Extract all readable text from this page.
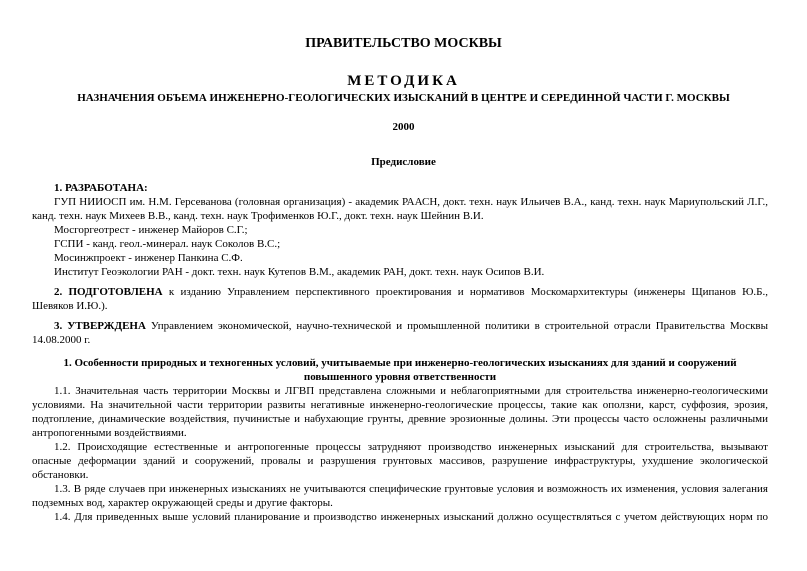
ПРАВИТЕЛЬСТВО МОСКВЫ
МЕТОДИКА
НАЗНАЧЕНИЯ ОБЪЕМА ИНЖЕНЕРНО-ГЕОЛОГИЧЕСКИХ ИЗЫСКАНИЙ В ЦЕНТРЕ И СЕРЕДИННОЙ ЧАСТИ Г. МОСКВЫ
2000
Предисловие
1. РАЗРАБОТАНА:
ГУП НИИОСП им. Н.М. Герсеванова (головная организация) - академик РААСН, докт. техн. наук Ильичев В.А., канд. техн. наук Мариупольский Л.Г.,
канд. техн. наук Михеев В.В., канд. техн. наук Трофименков Ю.Г., докт. техн. наук Шейнин В.И.
Мосгоргеотрест - инженер Майоров С.Г.;
ГСПИ - канд. геол.-минерал. наук Соколов В.С.;
Мосинжпроект - инженер Панкина С.Ф.
Институт Геоэкологии РАН - докт. техн. наук Кутепов В.М., академик РАН, докт. техн. наук Осипов В.И.
2. ПОДГОТОВЛЕНА к изданию Управлением перспективного проектирования и нормативов Москомархитектуры (инженеры Щипанов Ю.Б.,
Шевяков И.Ю.).
3. УТВЕРЖДЕНА Управлением экономической, научно-технической и промышленной политики в строительной отрасли Правительства Москвы
14.08.2000 г.
1. Особенности природных и техногенных условий, учитываемые при инженерно-геологических изысканиях для зданий и сооружений
повышенного уровня ответственности
1.1. Значительная часть территории Москвы и ЛГВП представлена сложными и неблагоприятными для строительства инженерно-геологическими
условиями. На значительной части территории развиты негативные инженерно-геологические процессы, такие как оползни, карст, суффозия, эрозия,
подтопление, динамические воздействия, пучинистые и набухающие грунты, древние эрозионные долины. Эти процессы часто осложнены различными
антропогенными воздействиями.
1.2. Происходящие естественные и антропогенные процессы затрудняют производство инженерных изысканий для строительства, вызывают
опасные деформации зданий и сооружений, провалы и разрушения грунтовых массивов, разрушение инфраструктуры, ухудшение экологической
обстановки.
1.3. В ряде случаев при инженерных изысканиях не учитываются специфические грунтовые условия и возможность их изменения, условия залегания
подземных вод, характер окружающей среды и другие факторы.
1.4. Для приведенных выше условий планирование и производство инженерных изысканий должно осуществляться с учетом действующих норм по
